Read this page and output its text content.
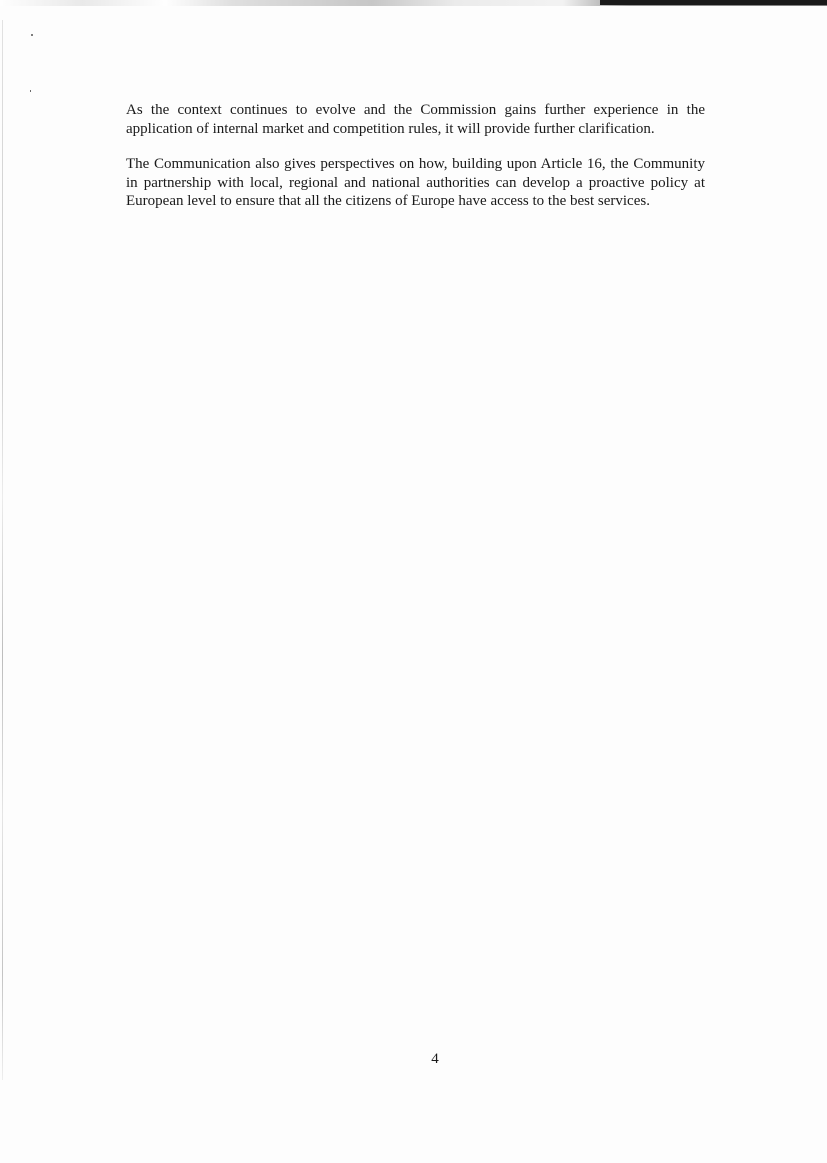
As the context continues to evolve and the Commission gains further experience in the application of internal market and competition rules, it will provide further clarification.

The Communication also gives perspectives on how, building upon Article 16, the Community in partnership with local, regional and national authorities can develop a proactive policy at European level to ensure that all the citizens of Europe have access to the best services.

4
